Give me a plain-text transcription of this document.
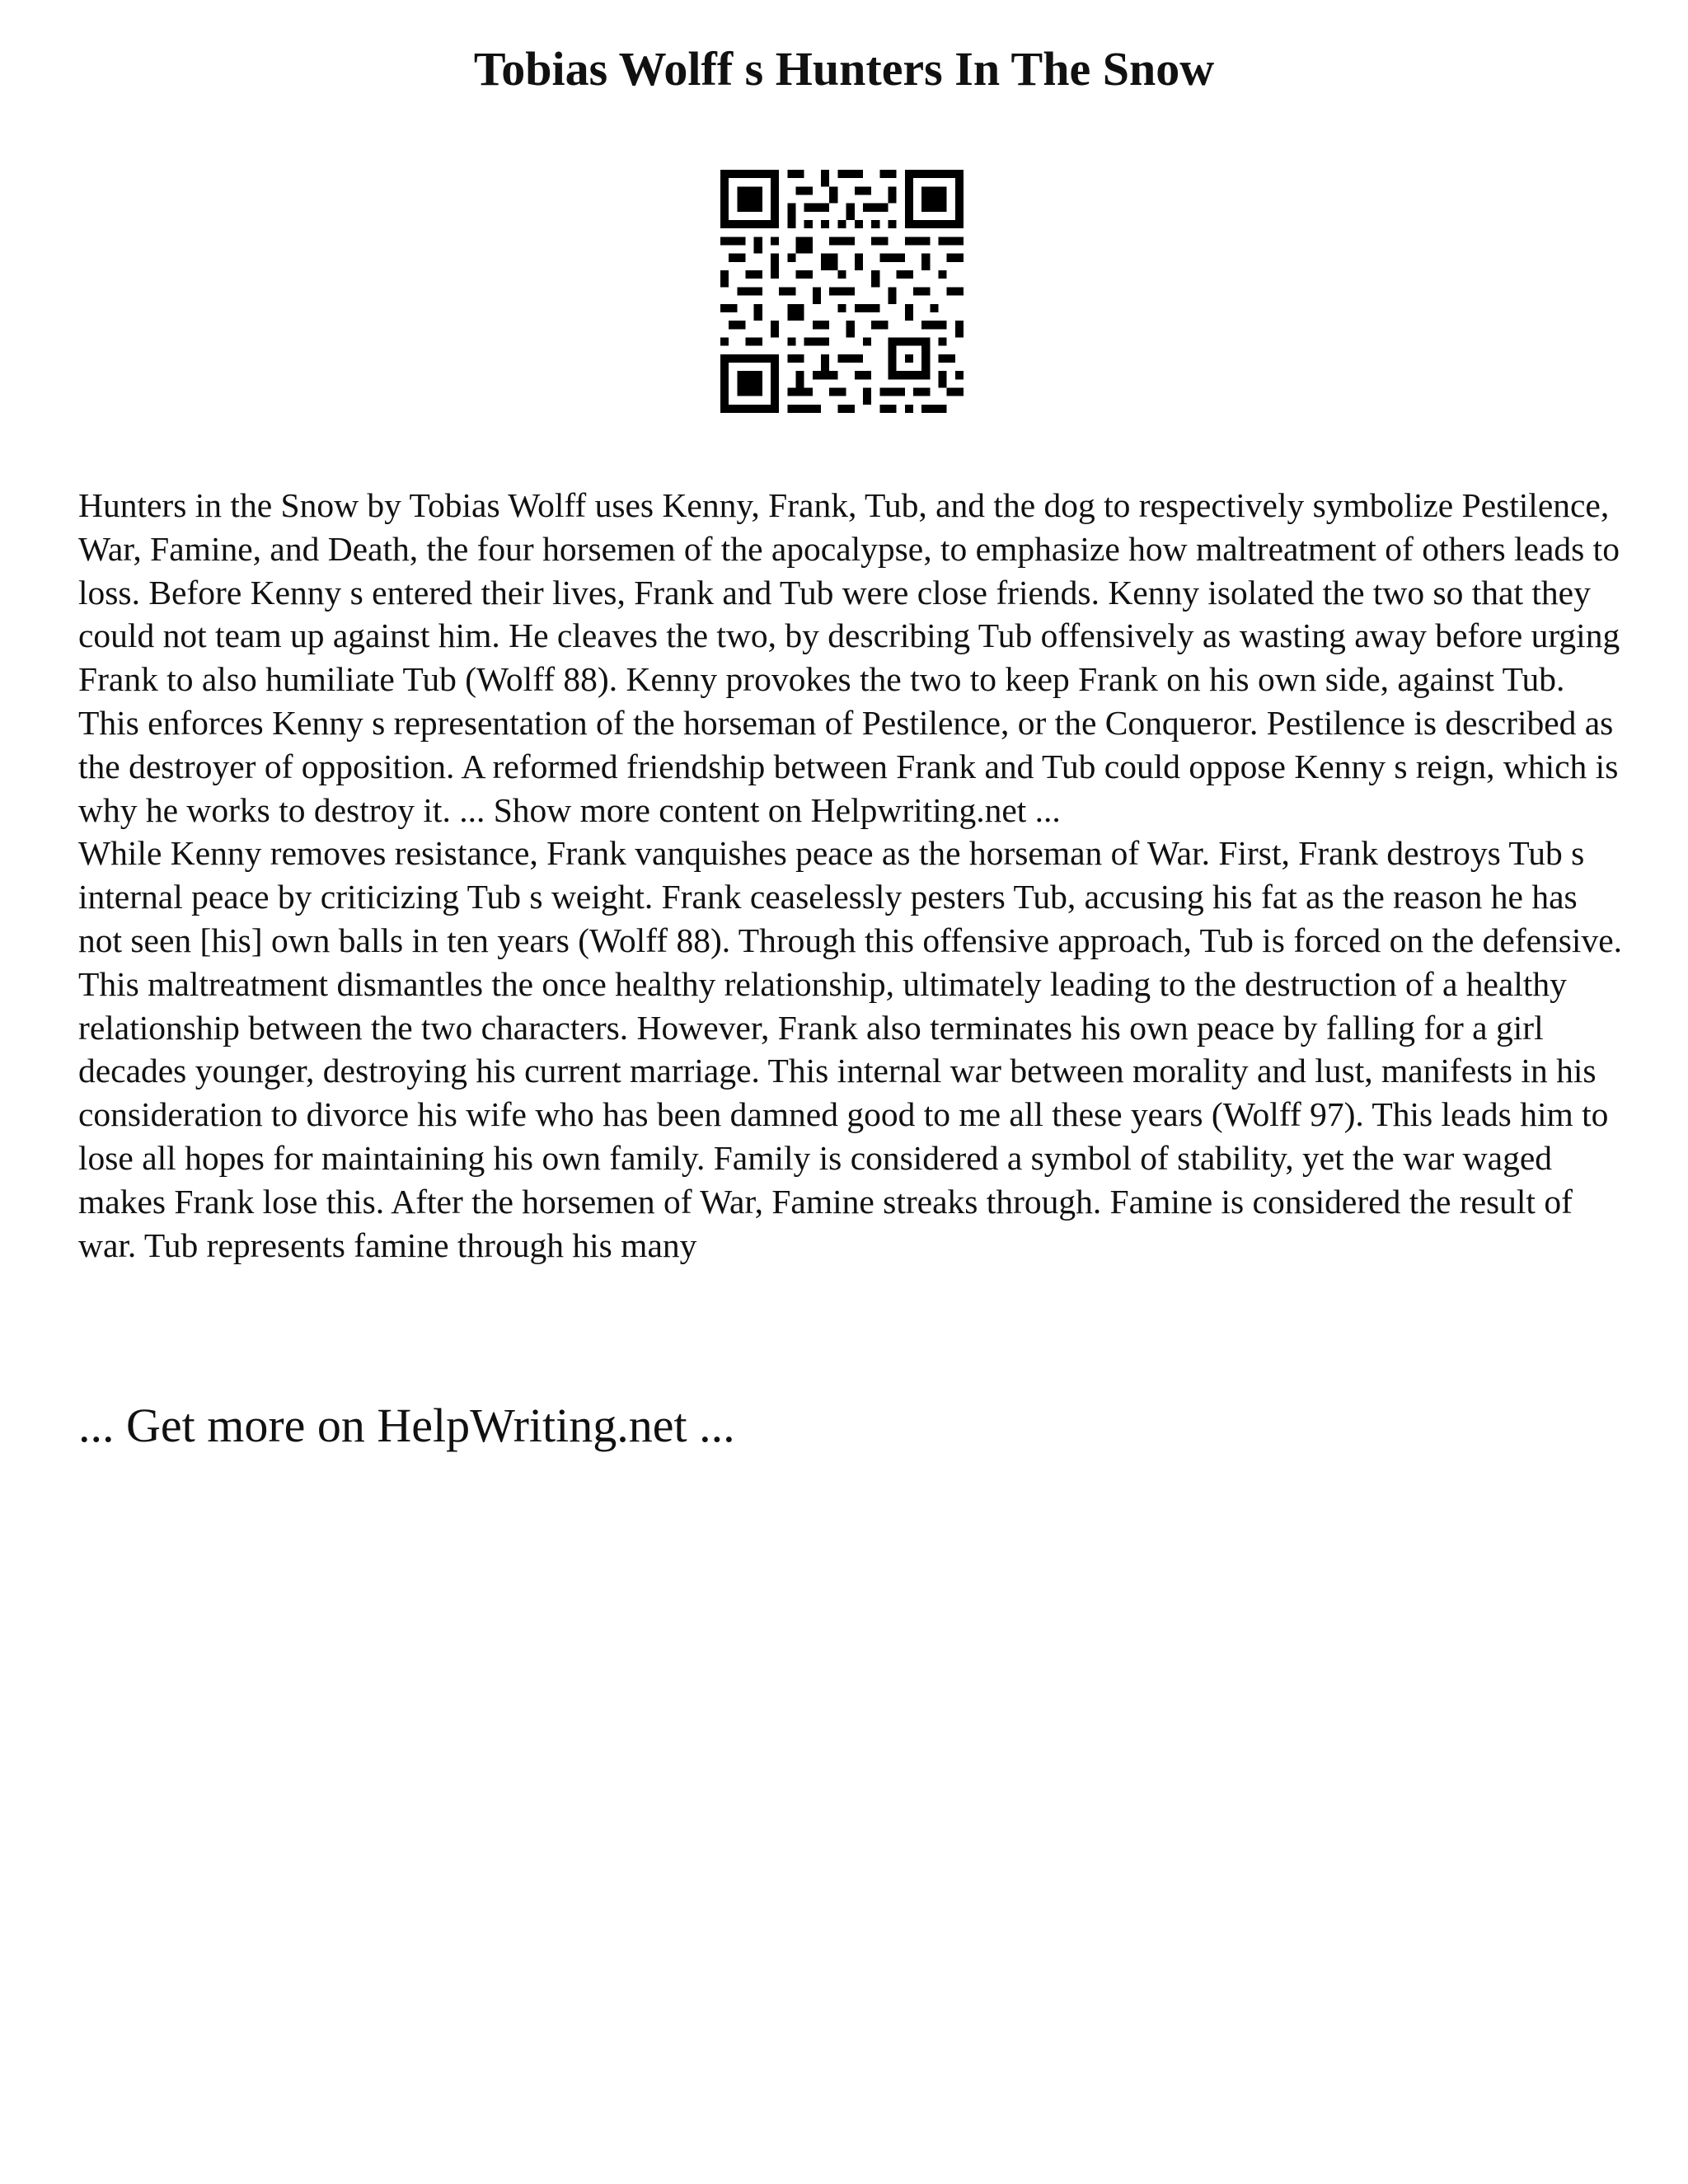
Tobias Wolff s Hunters In The Snow

Hunters in the Snow by Tobias Wolff uses Kenny, Frank, Tub, and the dog to respectively symbolize Pestilence, War, Famine, and Death, the four horsemen of the apocalypse, to emphasize how maltreatment of others leads to loss. Before Kenny s entered their lives, Frank and Tub were close friends. Kenny isolated the two so that they could not team up against him. He cleaves the two, by describing Tub offensively as wasting away before urging Frank to also humiliate Tub (Wolff 88). Kenny provokes the two to keep Frank on his own side, against Tub. This enforces Kenny s representation of the horseman of Pestilence, or the Conqueror. Pestilence is described as the destroyer of opposition. A reformed friendship between Frank and Tub could oppose Kenny s reign, which is why he works to destroy it. ... Show more content on Helpwriting.net ...

While Kenny removes resistance, Frank vanquishes peace as the horseman of War. First, Frank destroys Tub s internal peace by criticizing Tub s weight. Frank ceaselessly pesters Tub, accusing his fat as the reason he has not seen [his] own balls in ten years (Wolff 88). Through this offensive approach, Tub is forced on the defensive. This maltreatment dismantles the once healthy relationship, ultimately leading to the destruction of a healthy relationship between the two characters. However, Frank also terminates his own peace by falling for a girl decades younger, destroying his current marriage. This internal war between morality and lust, manifests in his consideration to divorce his wife who has been damned good to me all these years (Wolff 97). This leads him to lose all hopes for maintaining his own family. Family is considered a symbol of stability, yet the war waged makes Frank lose this. After the horsemen of War, Famine streaks through. Famine is considered the result of war. Tub represents famine through his many

... Get more on HelpWriting.net ...
